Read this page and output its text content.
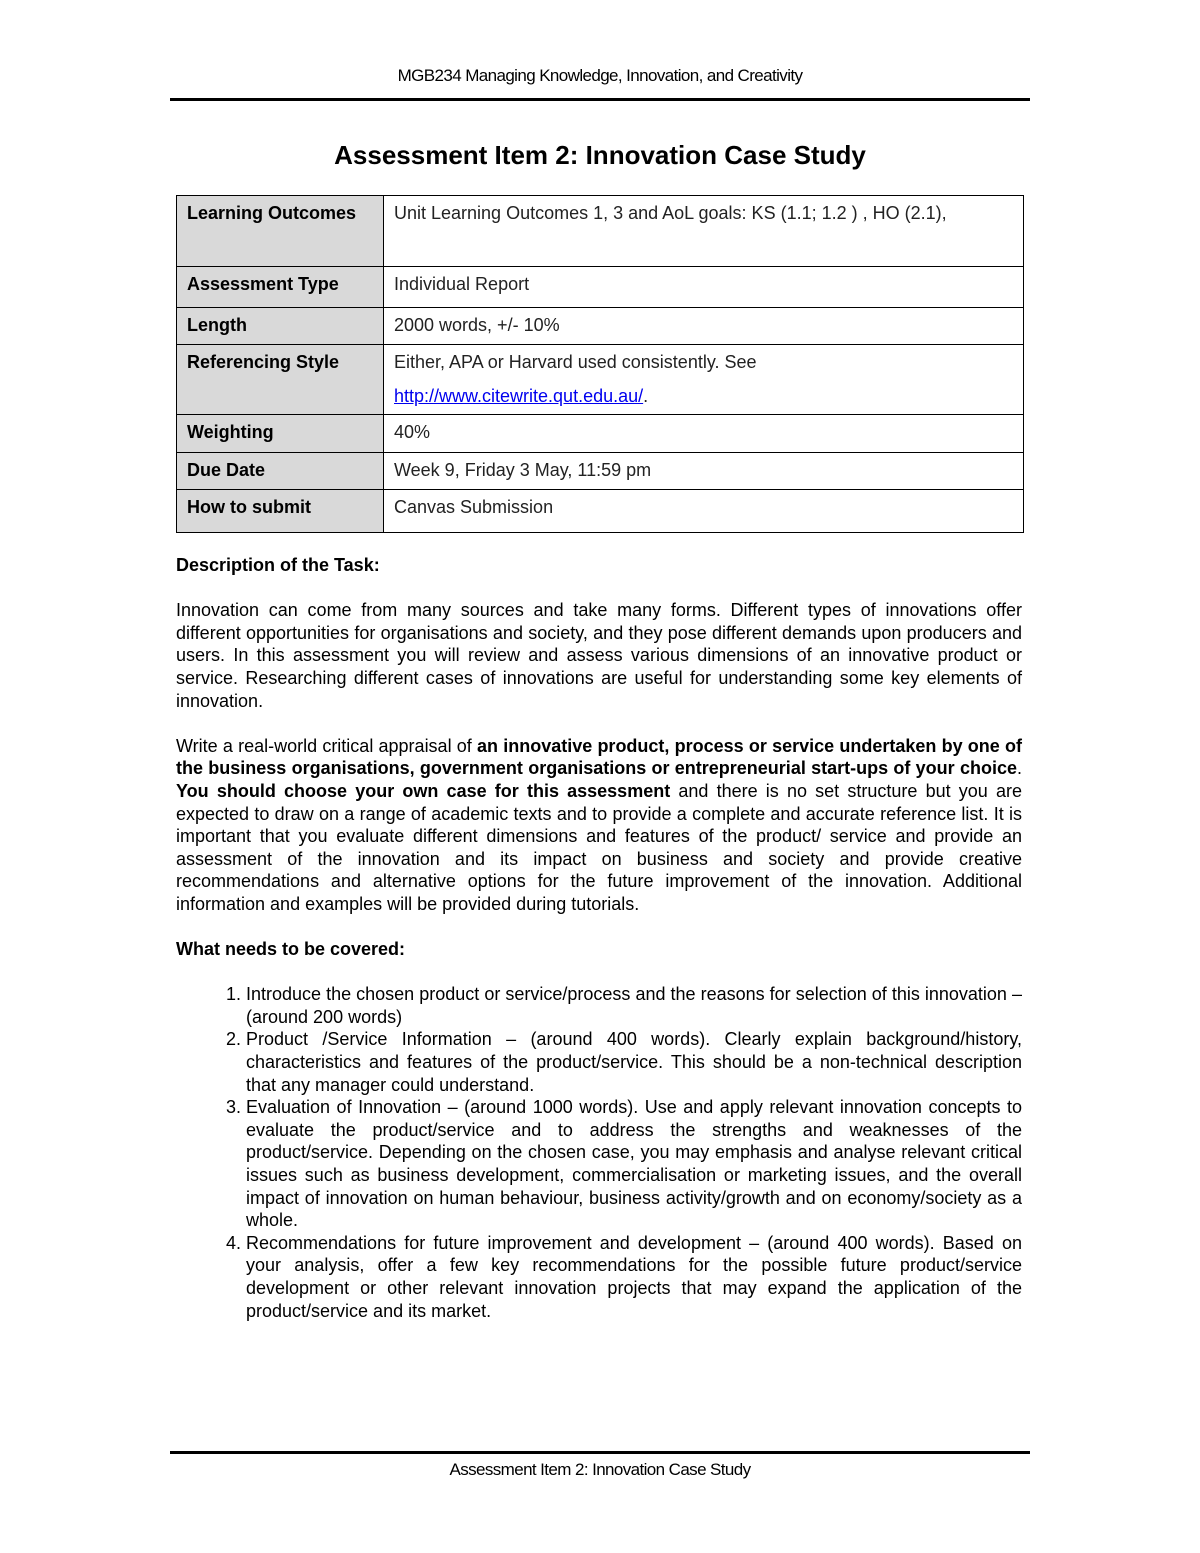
MGB234 Managing Knowledge, Innovation, and Creativity
Assessment Item 2: Innovation Case Study
Learning Outcomes	Unit Learning Outcomes 1, 3 and AoL goals: KS (1.1; 1.2 ) , HO (2.1),
Assessment Type	Individual Report
Length	2000 words, +/- 10%
Referencing Style	Either, APA or Harvard used consistently. See
http://www.citewrite.qut.edu.au/.
Weighting	40%
Due Date	Week 9, Friday 3 May, 11:59 pm
How to submit	Canvas Submission

Description of the Task:

Innovation can come from many sources and take many forms. Different types of innovations offer different opportunities for organisations and society, and they pose different demands upon producers and users. In this assessment you will review and assess various dimensions of an innovative product or service. Researching different cases of innovations are useful for understanding some key elements of innovation.

Write a real-world critical appraisal of an innovative product, process or service undertaken by one of the business organisations, government organisations or entrepreneurial start-ups of your choice. You should choose your own case for this assessment and there is no set structure but you are expected to draw on a range of academic texts and to provide a complete and accurate reference list. It is important that you evaluate different dimensions and features of the product/ service and provide an assessment of the innovation and its impact on business and society and provide creative recommendations and alternative options for the future improvement of the innovation. Additional information and examples will be provided during tutorials.

What needs to be covered:

1. Introduce the chosen product or service/process and the reasons for selection of this innovation – (around 200 words)
2. Product /Service Information – (around 400 words). Clearly explain background/history, characteristics and features of the product/service. This should be a non-technical description that any manager could understand.
3. Evaluation of Innovation – (around 1000 words). Use and apply relevant innovation concepts to evaluate the product/service and to address the strengths and weaknesses of the product/service. Depending on the chosen case, you may emphasis and analyse relevant critical issues such as business development, commercialisation or marketing issues, and the overall impact of innovation on human behaviour, business activity/growth and on economy/society as a whole.
4. Recommendations for future improvement and development – (around 400 words). Based on your analysis, offer a few key recommendations for the possible future product/service development or other relevant innovation projects that may expand the application of the product/service and its market.
Assessment Item 2: Innovation Case Study
